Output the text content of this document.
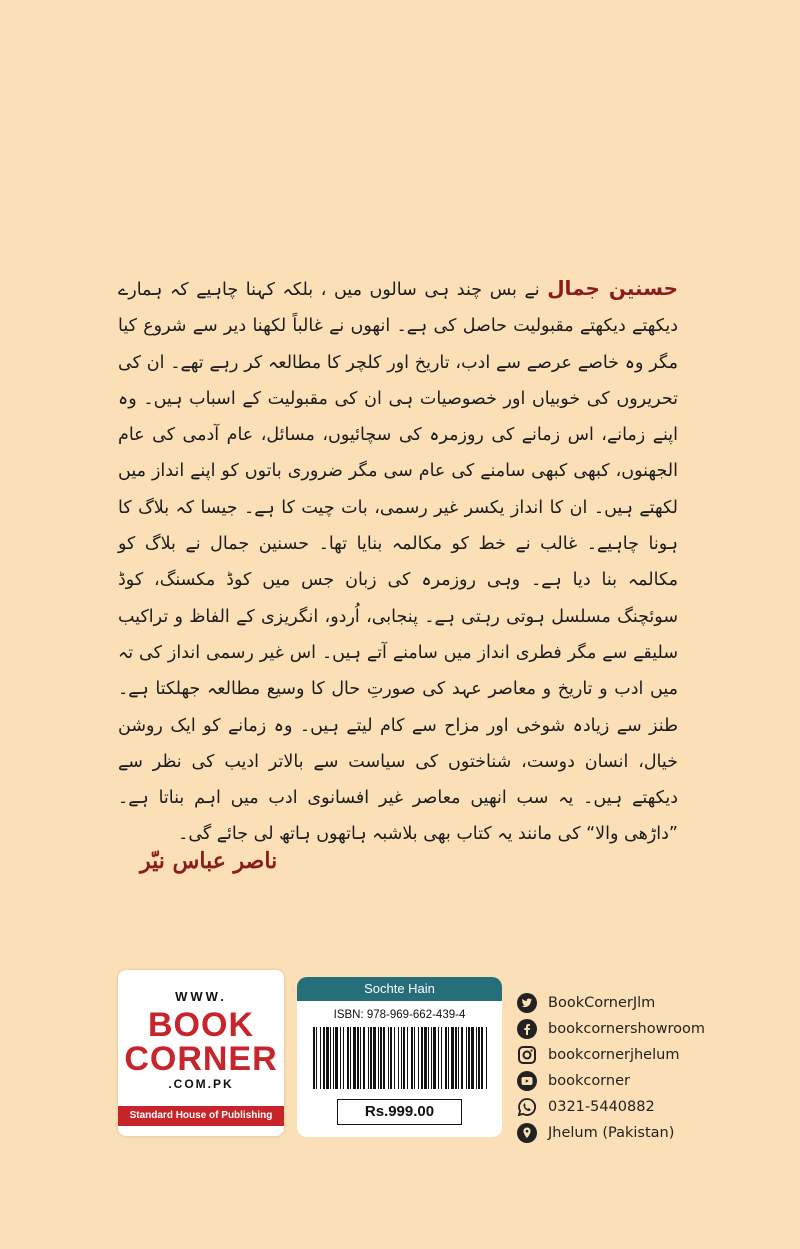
حسنین جمال نے بس چند ہی سالوں میں ، بلکہ کہنا چاہیے کہ ہمارے دیکھتے دیکھتے مقبولیت حاصل کی ہے۔ انھوں نے غالباً لکھنا دیر سے شروع کیا مگر وہ خاصے عرصے سے ادب، تاریخ اور کلچر کا مطالعہ کر رہے تھے۔ ان کی تحریروں کی خوبیاں اور خصوصیات ہی ان کی مقبولیت کے اسباب ہیں۔ وہ اپنے زمانے، اس زمانے کی روزمرہ کی سچائیوں، مسائل، عام آدمی کی عام الجھنوں، کبھی کبھی سامنے کی عام سی مگر ضروری باتوں کو اپنے انداز میں لکھتے ہیں۔ ان کا انداز یکسر غیر رسمی، بات چیت کا ہے۔ جیسا کہ بلاگ کا ہونا چاہیے۔ غالب نے خط کو مکالمہ بنایا تھا۔ حسنین جمال نے بلاگ کو مکالمہ بنا دیا ہے۔ وہی روزمرہ کی زبان جس میں کوڈ مکسنگ، کوڈ سوئچنگ مسلسل ہوتی رہتی ہے۔ پنجابی، اُردو، انگریزی کے الفاظ و تراکیب سلیقے سے مگر فطری انداز میں سامنے آتے ہیں۔ اس غیر رسمی انداز کی تہ میں ادب و تاریخ و معاصر عہد کی صورتِ حال کا وسیع مطالعہ جھلکتا ہے۔ طنز سے زیادہ شوخی اور مزاح سے کام لیتے ہیں۔ وہ زمانے کو ایک روشن خیال، انسان دوست، شناختوں کی سیاست سے بالاتر ادیب کی نظر سے دیکھتے ہیں۔ یہ سب انھیں معاصر غیر افسانوی ادب میں اہم بناتا ہے۔ ”داڑھی والا“ کی مانند یہ کتاب بھی بلاشبہ ہاتھوں ہاتھ لی جائے گی۔
ناصر عباس نیّر
WWW.
BOOK
CORNER
.COM.PK
Standard House of Publishing
Sochte Hain
ISBN: 978-969-662-439-4
Rs.999.00
BookCornerJlm
bookcornershowroom
bookcornerjhelum
bookcorner
0321-5440882
Jhelum (Pakistan)
